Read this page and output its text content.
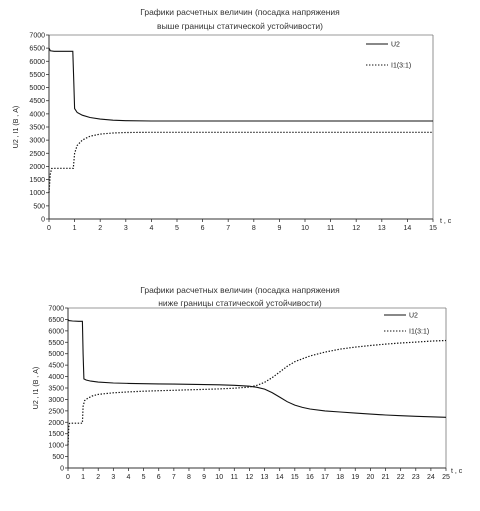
Графики расчетных величин (посадка напряжения
выше границы статической устойчивости)
0
500
1000
1500
2000
2500
3000
3500
4000
4500
5000
5500
6000
6500
7000
0	1	2	3	4	5	6	7	8	9	10	11	12	13	14	15
U2 , I1 (В , А)
t , с
U2
I1(3:1)
Графики расчетных величин (посадка напряжения
ниже границы статической устойчивости)
0
500
1000
1500
2000
2500
3000
3500
4000
4500
5000
5500
6000
6500
7000
0 1 2 3 4 5 6 7 8 9 10 11 12 13 14 15 16 17 18 19 20 21 22 23 24 25
U2 , I1 (В , А)
t , с
U2
I1(3:1)
